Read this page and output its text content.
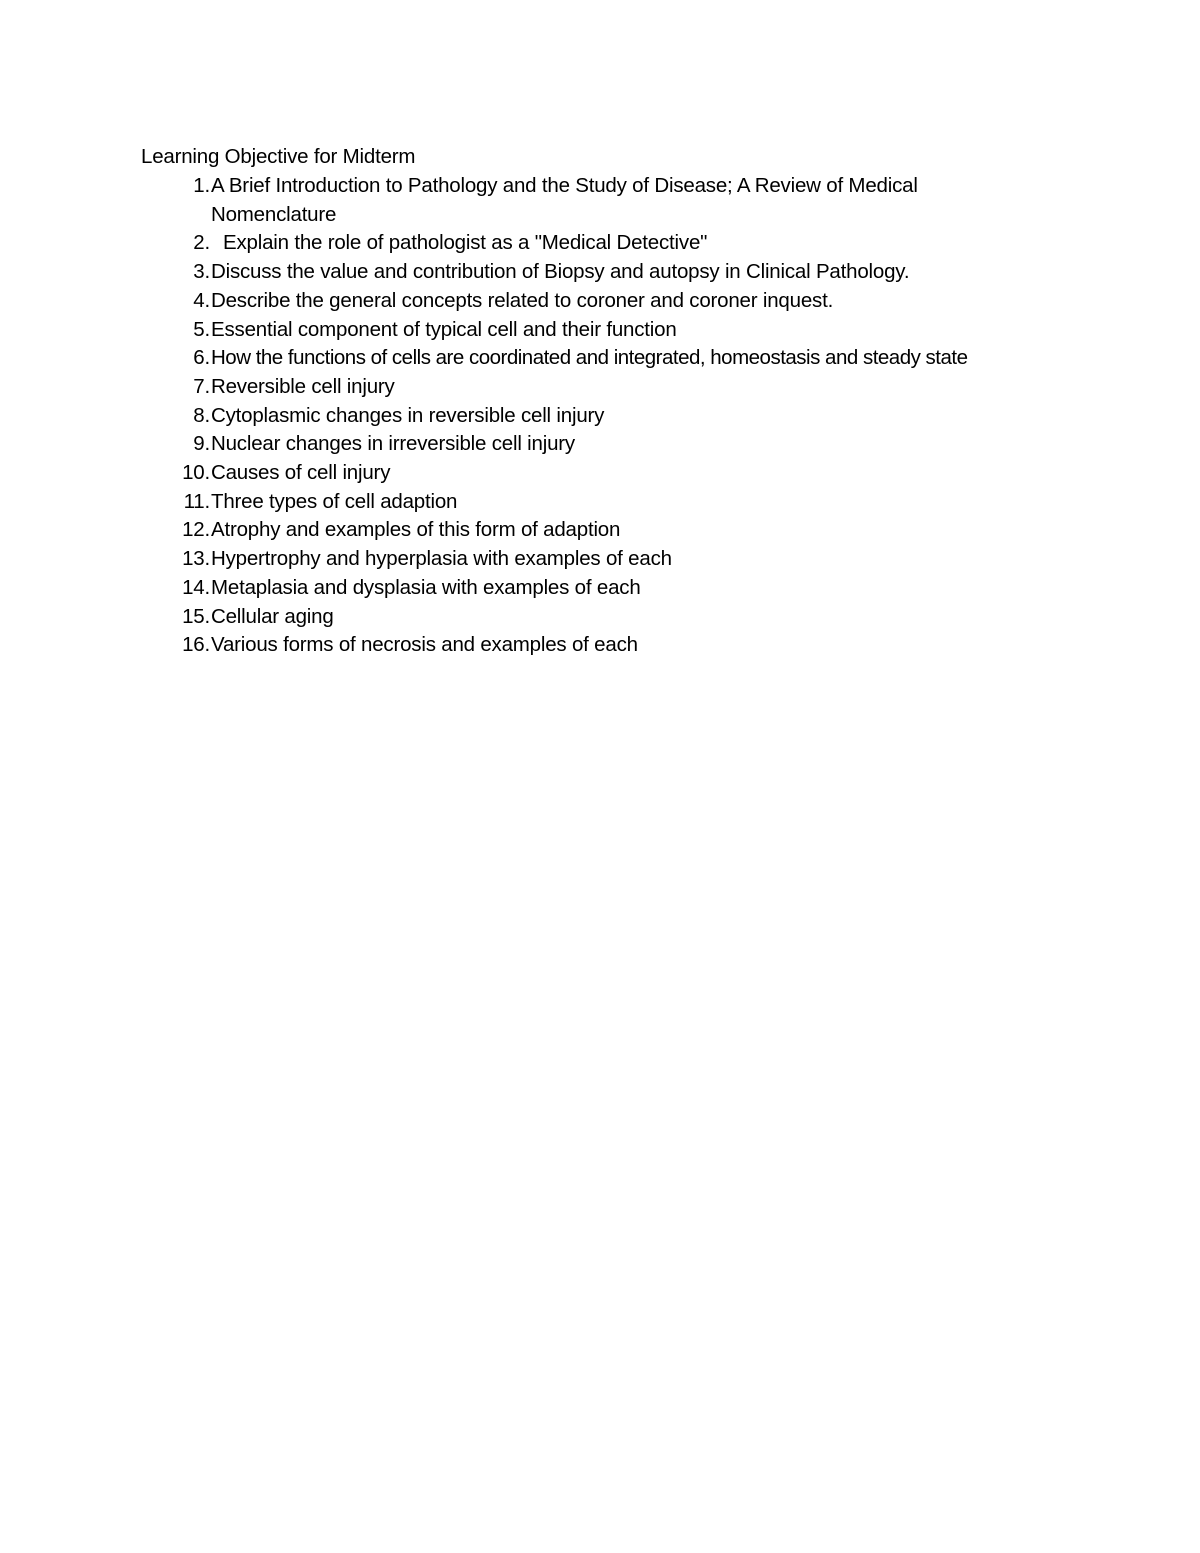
Learning Objective for Midterm
1. A Brief Introduction to Pathology and the Study of Disease; A Review of Medical
Nomenclature
2. Explain the role of pathologist as a "Medical Detective"
3. Discuss the value and contribution of Biopsy and autopsy in Clinical Pathology.
4. Describe the general concepts related to coroner and coroner inquest.
5. Essential component of typical cell and their function
6. How the functions of cells are coordinated and integrated, homeostasis and steady state
7. Reversible cell injury
8. Cytoplasmic changes in reversible cell injury
9. Nuclear changes in irreversible cell injury
10. Causes of cell injury
11. Three types of cell adaption
12. Atrophy and examples of this form of adaption
13. Hypertrophy and hyperplasia with examples of each
14. Metaplasia and dysplasia with examples of each
15. Cellular aging
16. Various forms of necrosis and examples of each
